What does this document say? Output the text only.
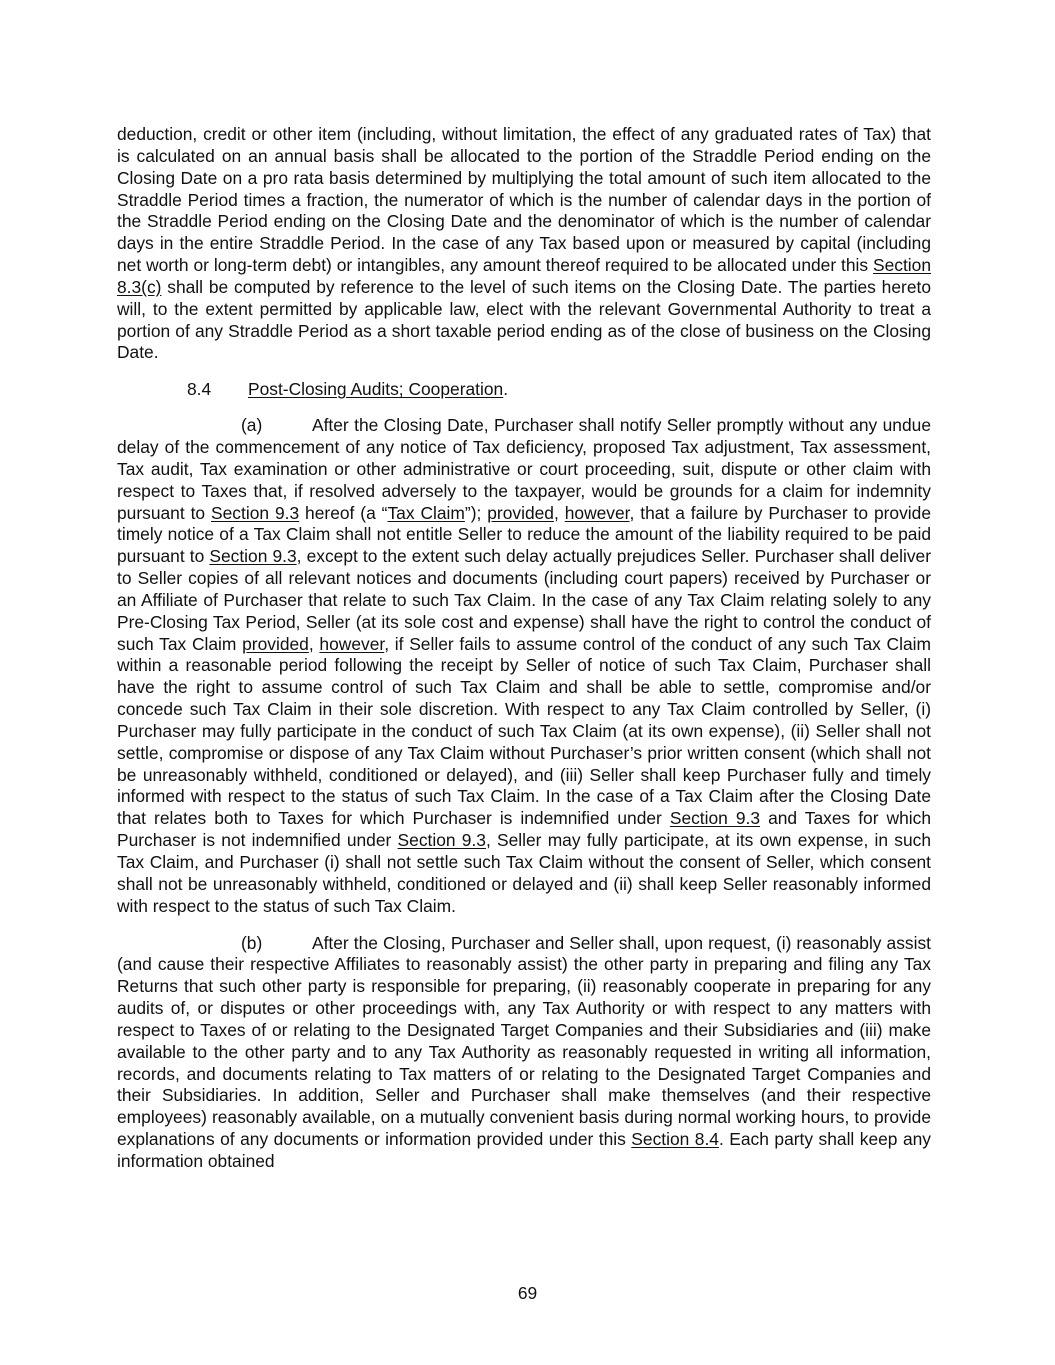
deduction, credit or other item (including, without limitation, the effect of any graduated rates of Tax) that is calculated on an annual basis shall be allocated to the portion of the Straddle Period ending on the Closing Date on a pro rata basis determined by multiplying the total amount of such item allocated to the Straddle Period times a fraction, the numerator of which is the number of calendar days in the portion of the Straddle Period ending on the Closing Date and the denominator of which is the number of calendar days in the entire Straddle Period. In the case of any Tax based upon or measured by capital (including net worth or long-term debt) or intangibles, any amount thereof required to be allocated under this Section 8.3(c) shall be computed by reference to the level of such items on the Closing Date. The parties hereto will, to the extent permitted by applicable law, elect with the relevant Governmental Authority to treat a portion of any Straddle Period as a short taxable period ending as of the close of business on the Closing Date.

8.4 Post-Closing Audits; Cooperation.

(a)	After the Closing Date, Purchaser shall notify Seller promptly without any undue delay of the commencement of any notice of Tax deficiency, proposed Tax adjustment, Tax assessment, Tax audit, Tax examination or other administrative or court proceeding, suit, dispute or other claim with respect to Taxes that, if resolved adversely to the taxpayer, would be grounds for a claim for indemnity pursuant to Section 9.3 hereof (a “Tax Claim”); provided, however, that a failure by Purchaser to provide timely notice of a Tax Claim shall not entitle Seller to reduce the amount of the liability required to be paid pursuant to Section 9.3, except to the extent such delay actually prejudices Seller. Purchaser shall deliver to Seller copies of all relevant notices and documents (including court papers) received by Purchaser or an Affiliate of Purchaser that relate to such Tax Claim. In the case of any Tax Claim relating solely to any Pre-Closing Tax Period, Seller (at its sole cost and expense) shall have the right to control the conduct of such Tax Claim provided, however, if Seller fails to assume control of the conduct of any such Tax Claim within a reasonable period following the receipt by Seller of notice of such Tax Claim, Purchaser shall have the right to assume control of such Tax Claim and shall be able to settle, compromise and/or concede such Tax Claim in their sole discretion. With respect to any Tax Claim controlled by Seller, (i) Purchaser may fully participate in the conduct of such Tax Claim (at its own expense), (ii) Seller shall not settle, compromise or dispose of any Tax Claim without Purchaser’s prior written consent (which shall not be unreasonably withheld, conditioned or delayed), and (iii) Seller shall keep Purchaser fully and timely informed with respect to the status of such Tax Claim. In the case of a Tax Claim after the Closing Date that relates both to Taxes for which Purchaser is indemnified under Section 9.3 and Taxes for which Purchaser is not indemnified under Section 9.3, Seller may fully participate, at its own expense, in such Tax Claim, and Purchaser (i) shall not settle such Tax Claim without the consent of Seller, which consent shall not be unreasonably withheld, conditioned or delayed and (ii) shall keep Seller reasonably informed with respect to the status of such Tax Claim.

(b)	After the Closing, Purchaser and Seller shall, upon request, (i) reasonably assist (and cause their respective Affiliates to reasonably assist) the other party in preparing and filing any Tax Returns that such other party is responsible for preparing, (ii) reasonably cooperate in preparing for any audits of, or disputes or other proceedings with, any Tax Authority or with respect to any matters with respect to Taxes of or relating to the Designated Target Companies and their Subsidiaries and (iii) make available to the other party and to any Tax Authority as reasonably requested in writing all information, records, and documents relating to Tax matters of or relating to the Designated Target Companies and their Subsidiaries. In addition, Seller and Purchaser shall make themselves (and their respective employees) reasonably available, on a mutually convenient basis during normal working hours, to provide explanations of any documents or information provided under this Section 8.4. Each party shall keep any information obtained

69
